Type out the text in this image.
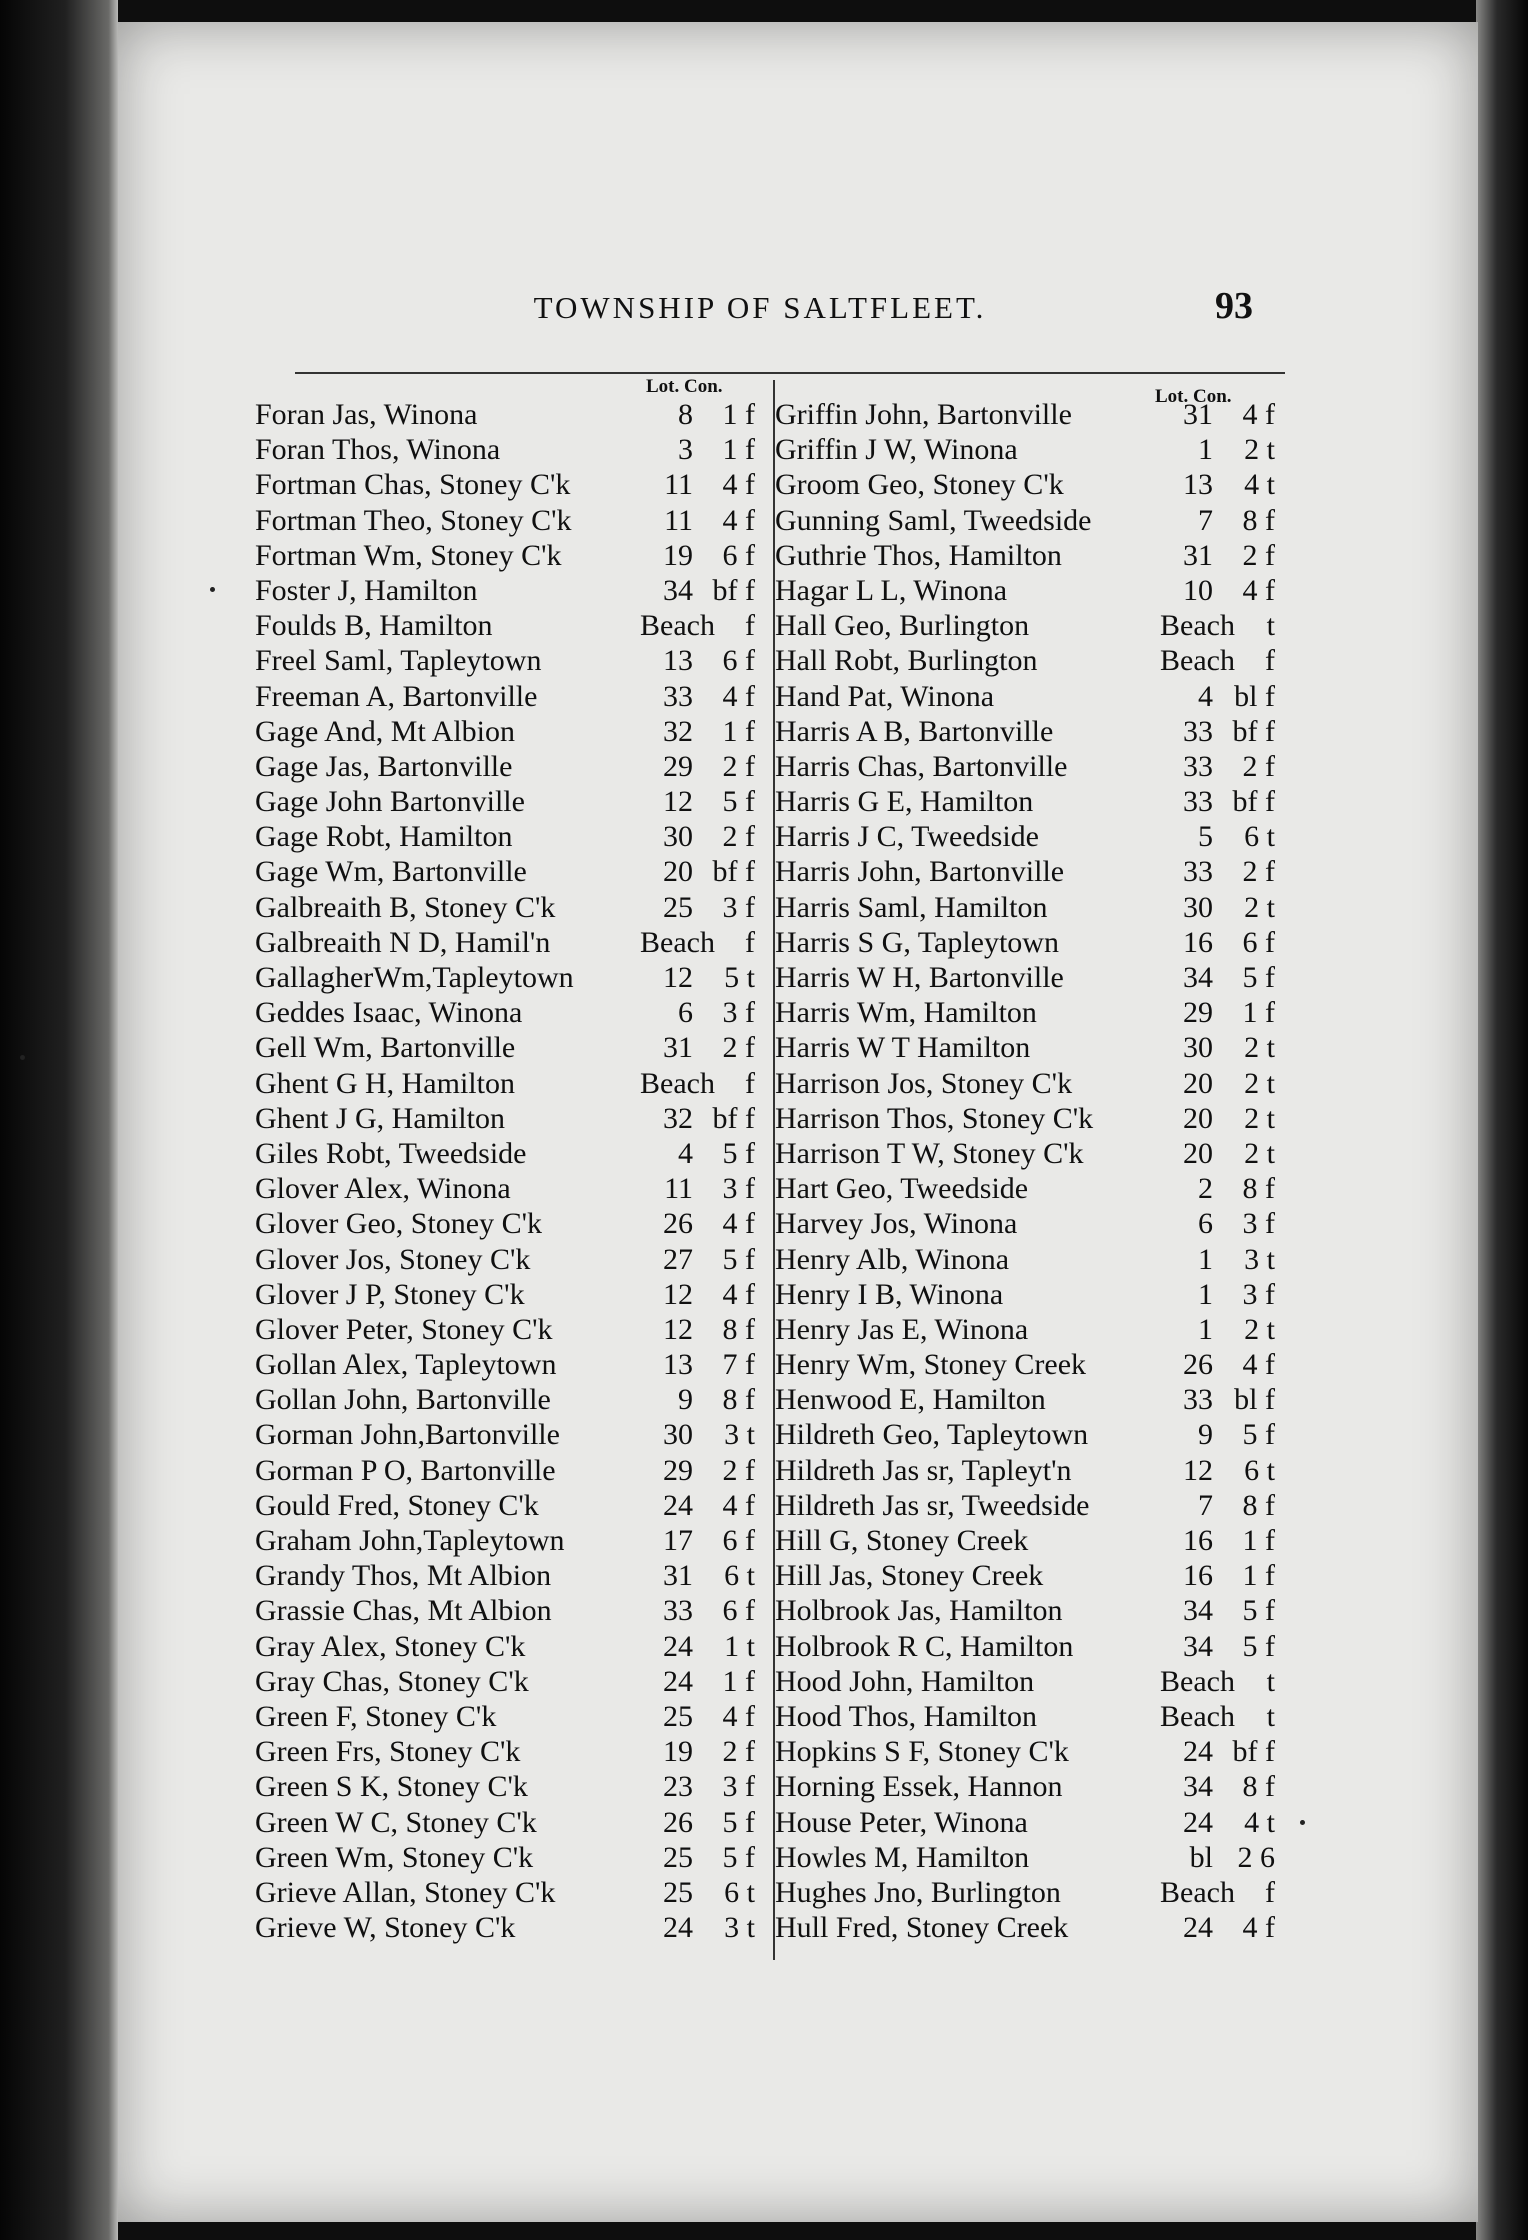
TOWNSHIP OF SALTFLEET.	93
Lot. Con.	Lot. Con.
Foran Jas, Winona	8 1 f
Foran Thos, Winona	3 1 f
Fortman Chas, Stoney C'k	11 4 f
Fortman Theo, Stoney C'k	11 4 f
Fortman Wm, Stoney C'k	19 6 f
Foster J, Hamilton	34 bf f
Foulds B, Hamilton	Beach	f
Freel Saml, Tapleytown	13 6 f
Freeman A, Bartonville	33 4 f
Gage And, Mt Albion	32 1 f
Gage Jas, Bartonville	29 2 f
Gage John Bartonville	12 5 f
Gage Robt, Hamilton	30 2 f
Gage Wm, Bartonville	20 bf f
Galbreaith B, Stoney C'k	25 3 f
Galbreaith N D, Hamil'n	Beach	f
GallagherWm,Tapleytown	12	5 t
Geddes Isaac, Winona	6 3 f
Gell Wm, Bartonville	31 2 f
Ghent G H, Hamilton	Beach	f
Ghent J G, Hamilton	32 bf f
Giles Robt, Tweedside	4 5 f
Glover Alex, Winona	11 3 f
Glover Geo, Stoney C'k	26 4 f
Glover Jos, Stoney C'k	27 5 f
Glover J P, Stoney C'k	12 4 f
Glover Peter, Stoney C'k	12 8 f
Gollan Alex, Tapleytown	13 7 f
Gollan John, Bartonville	9 8 f
Gorman John,Bartonville	30	3 t
Gorman P O, Bartonville	29 2 f
Gould Fred, Stoney C'k	24 4 f
Graham John,Tapleytown	17 6 f
Grandy Thos, Mt Albion	31	6 t
Grassie Chas, Mt Albion	33 6 f
Gray Alex, Stoney C'k	24	1 t
Gray Chas, Stoney C'k	24 1 f
Green F, Stoney C'k	25 4 f
Green Frs, Stoney C'k	19 2 f
Green S K, Stoney C'k	23 3 f
Green W C, Stoney C'k	26 5 f
Green Wm, Stoney C'k	25 5 f
Grieve Allan, Stoney C'k	25	6 t
Grieve W, Stoney C'k	24	3 t
Griffin John, Bartonville	31 4 f
Griffin J W, Winona	1	2 t
Groom Geo, Stoney C'k	13	4 t
Gunning Saml, Tweedside	7 8 f
Guthrie Thos, Hamilton	31 2 f
Hagar L L, Winona	10 4 f
Hall Geo, Burlington	Beach	t
Hall Robt, Burlington	Beach	f
Hand Pat, Winona	4 bl f
Harris A B, Bartonville	33 bf f
Harris Chas, Bartonville	33 2 f
Harris G E, Hamilton	33 bf f
Harris J C, Tweedside	5	6 t
Harris John, Bartonville	33 2 f
Harris Saml, Hamilton	30	2 t
Harris S G, Tapleytown	16 6 f
Harris W H, Bartonville	34 5 f
Harris Wm, Hamilton	29 1 f
Harris W T Hamilton	30	2 t
Harrison Jos, Stoney C'k	20	2 t
Harrison Thos, Stoney C'k	20	2 t
Harrison T W, Stoney C'k	20	2 t
Hart Geo, Tweedside	2 8 f
Harvey Jos, Winona	6 3 f
Henry Alb, Winona	1	3 t
Henry I B, Winona	1 3 f
Henry Jas E, Winona	1	2 t
Henry Wm, Stoney Creek	26 4 f
Henwood E, Hamilton	33 bl f
Hildreth Geo, Tapleytown	9 5 f
Hildreth Jas sr, Tapleyt'n	12	6 t
Hildreth Jas sr, Tweedside	7 8 f
Hill G, Stoney Creek	16 1 f
Hill Jas, Stoney Creek	16 1 f
Holbrook Jas, Hamilton	34 5 f
Holbrook R C, Hamilton	34 5 f
Hood John, Hamilton	Beach	t
Hood Thos, Hamilton	Beach	t
Hopkins S F, Stoney C'k	24 bf f
Horning Essek, Hannon	34 8 f
House Peter, Winona	24	4 t
Howles M, Hamilton	bl 2 6
Hughes Jno, Burlington	Beach	f
Hull Fred, Stoney Creek	24 4 f
